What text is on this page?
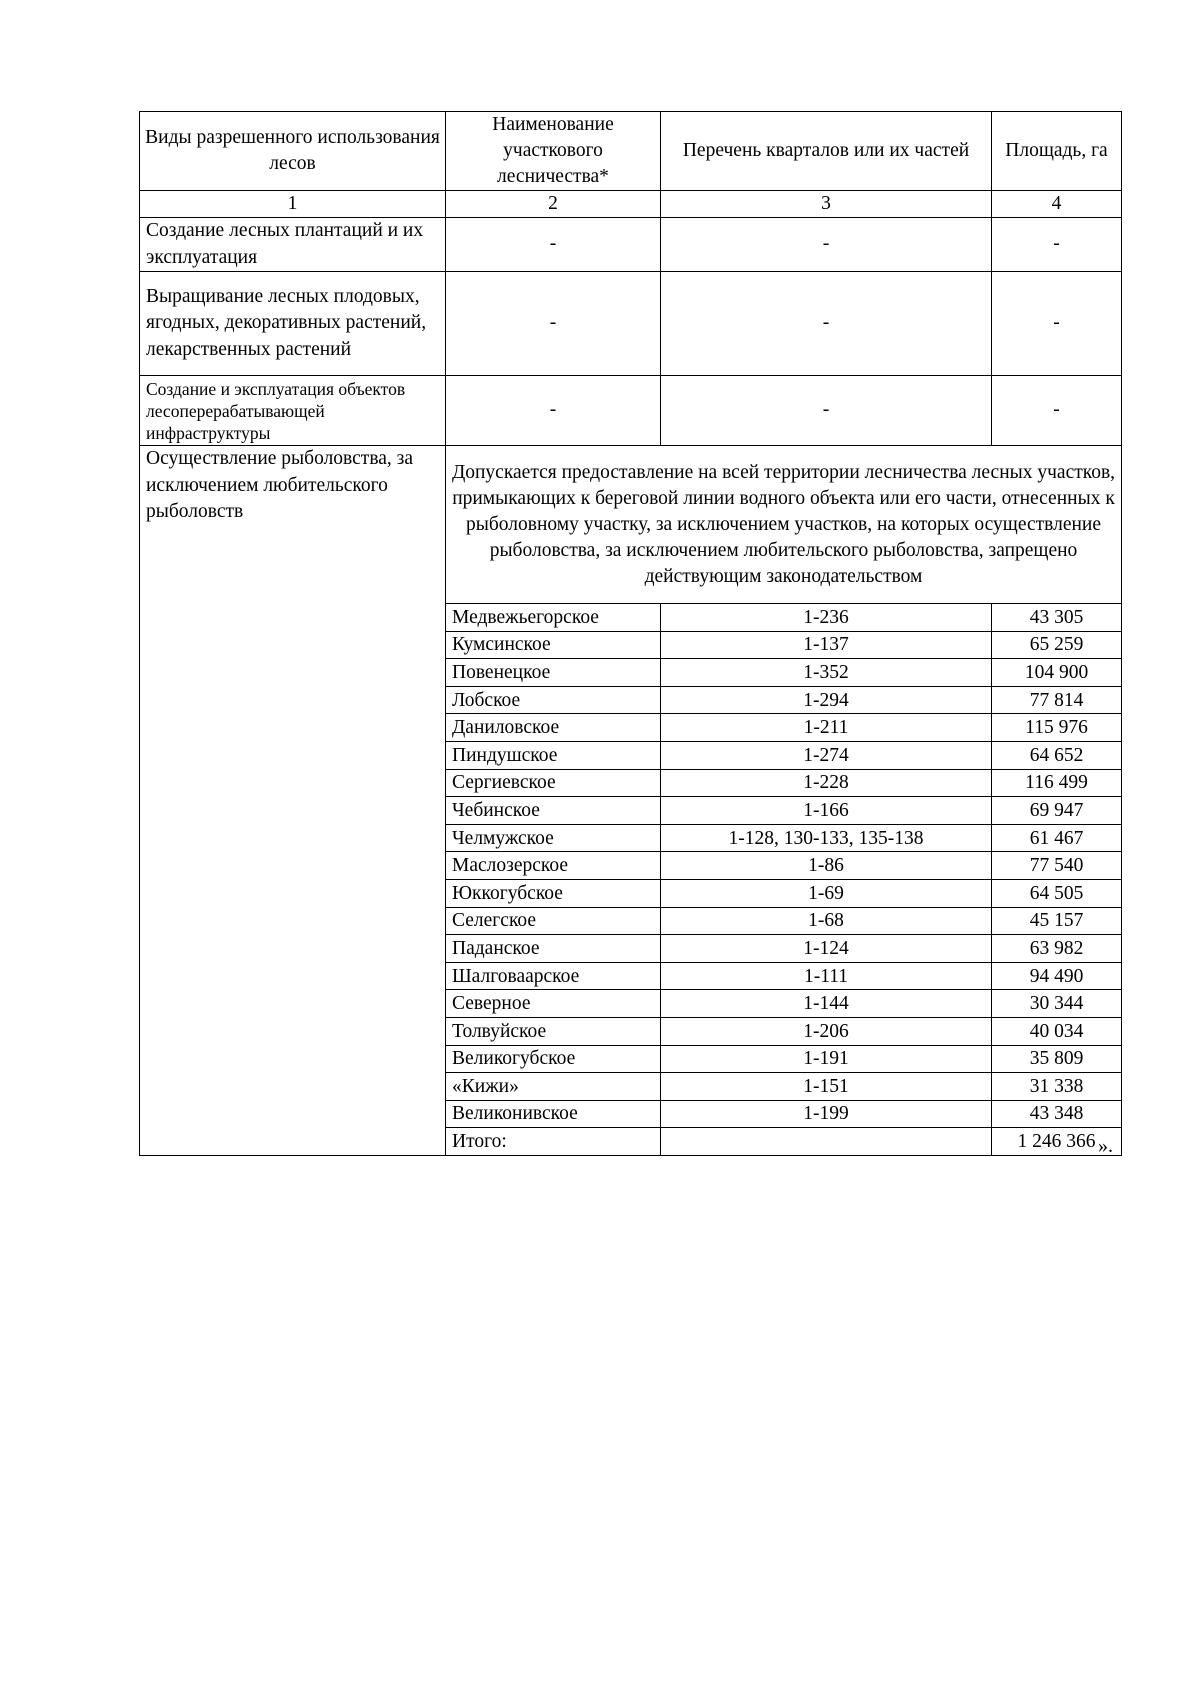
Виды разрешенного использования лесов	Наименование участкового лесничества*	Перечень кварталов или их частей	Площадь, га
1	2	3	4
Создание лесных плантаций и их эксплуатация	-	-	-
Выращивание лесных плодовых, ягодных, декоративных растений, лекарственных растений	-	-	-
Создание и эксплуатация объектов лесоперерабатывающей инфраструктуры	-	-	-
Осуществление рыболовства, за исключением любительского рыболовств	Допускается предоставление на всей территории лесничества лесных участков, примыкающих к береговой линии водного объекта или его части, отнесенных к рыболовному участку, за исключением участков, на которых осуществление рыболовства, за исключением любительского рыболовства, запрещено действующим законодательством		
	Медвежьегорское	1-236	43 305
	Кумсинское	1-137	65 259
	Повенецкое	1-352	104 900
	Лобское	1-294	77 814
	Даниловское	1-211	115 976
	Пиндушское	1-274	64 652
	Сергиевское	1-228	116 499
	Чебинское	1-166	69 947
	Челмужское	1-128, 130-133, 135-138	61 467
	Маслозерское	1-86	77 540
	Юккогубское	1-69	64 505
	Селегское	1-68	45 157
	Паданское	1-124	63 982
	Шалговаарское	1-111	94 490
	Северное	1-144	30 344
	Толвуйское	1-206	40 034
	Великогубское	1-191	35 809
	«Кижи»	1-151	31 338
	Великонивское	1-199	43 348
	Итого:		1 246 366 ».
